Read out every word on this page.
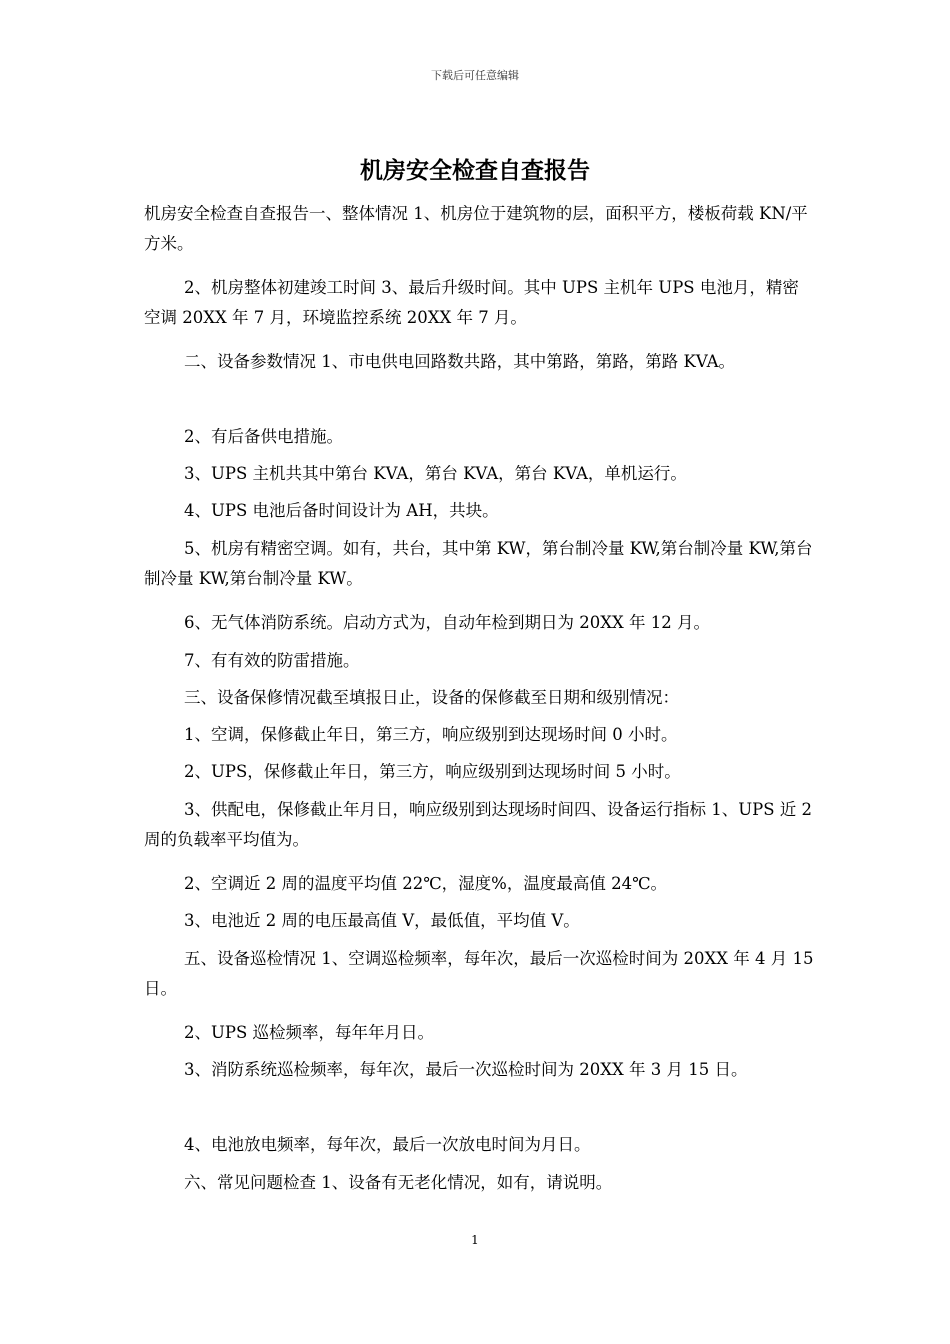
下载后可任意编辑
机房安全检查自查报告

机房安全检查自查报告一、整体情况 1、机房位于建筑物的层，面积平方，楼板荷载 KN/平方米。

2、机房整体初建竣工时间 3、最后升级时间。其中 UPS 主机年 UPS 电池月，精密空调 20XX 年 7 月，环境监控系统 20XX 年 7 月。

二、设备参数情况 1、市电供电回路数共路，其中第路，第路，第路 KVA。

2、有后备供电措施。

3、UPS 主机共其中第台 KVA，第台 KVA，第台 KVA，单机运行。

4、UPS 电池后备时间设计为 AH，共块。

5、机房有精密空调。如有，共台，其中第 KW，第台制冷量 KW,第台制冷量 KW,第台制冷量 KW,第台制冷量 KW。

6、无气体消防系统。启动方式为，自动年检到期日为 20XX 年 12 月。

7、有有效的防雷措施。

三、设备保修情况截至填报日止，设备的保修截至日期和级别情况：

1、空调，保修截止年日，第三方，响应级别到达现场时间 0 小时。

2、UPS，保修截止年日，第三方，响应级别到达现场时间 5 小时。

3、供配电，保修截止年月日，响应级别到达现场时间四、设备运行指标 1、UPS 近 2 周的负载率平均值为。

2、空调近 2 周的温度平均值 22℃，湿度%，温度最高值 24℃。

3、电池近 2 周的电压最高值 V，最低值，平均值 V。

五、设备巡检情况 1、空调巡检频率，每年次，最后一次巡检时间为 20XX 年 4 月 15 日。

2、UPS 巡检频率，每年年月日。

3、消防系统巡检频率，每年次，最后一次巡检时间为 20XX 年 3 月 15 日。

4、电池放电频率，每年次，最后一次放电时间为月日。

六、常见问题检查 1、设备有无老化情况，如有，请说明。

1
